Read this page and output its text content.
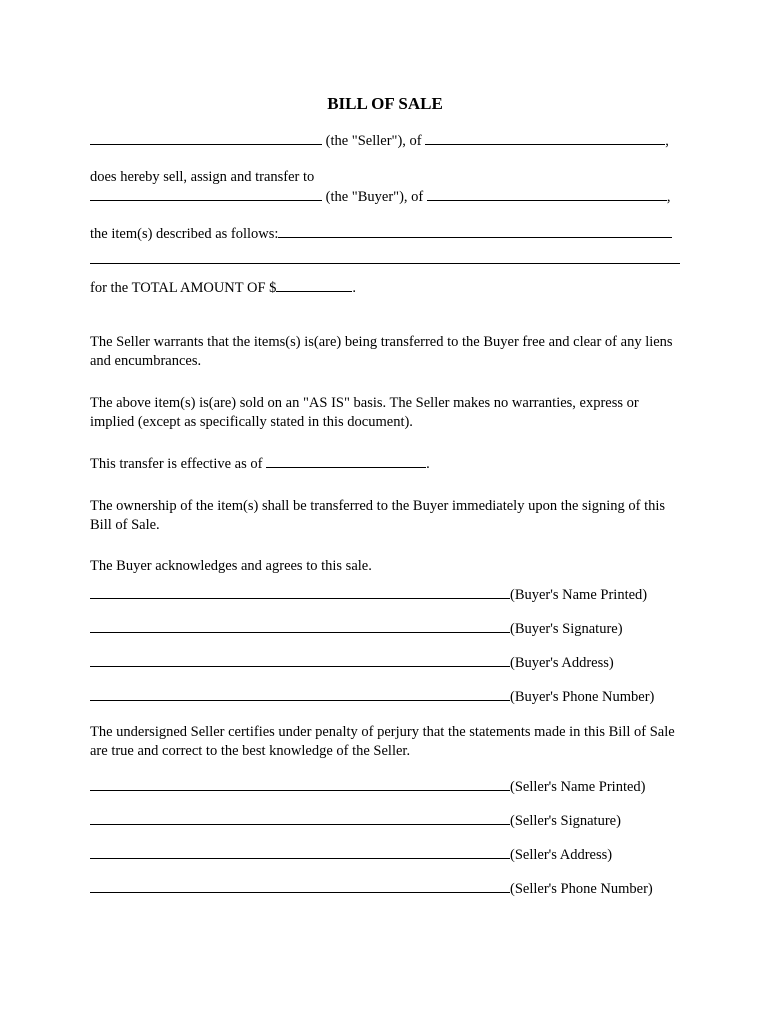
BILL OF SALE
(the "Seller"), of	,
does hereby sell, assign and transfer to
(the "Buyer"), of	,
the item(s) described as follows:
for the TOTAL AMOUNT OF $	.
The Seller warrants that the items(s) is(are) being transferred to the Buyer free and clear of any liens and encumbrances.
The above item(s) is(are) sold on an "AS IS" basis. The Seller makes no warranties, express or implied (except as specifically stated in this document).
This transfer is effective as of	.
The ownership of the item(s) shall be transferred to the Buyer immediately upon the signing of this Bill of Sale.
The Buyer acknowledges and agrees to this sale.
(Buyer's Name Printed)
(Buyer's Signature)
(Buyer's Address)
(Buyer's Phone Number)
The undersigned Seller certifies under penalty of perjury that the statements made in this Bill of Sale are true and correct to the best knowledge of the Seller.
(Seller's Name Printed)
(Seller's Signature)
(Seller's Address)
(Seller's Phone Number)
